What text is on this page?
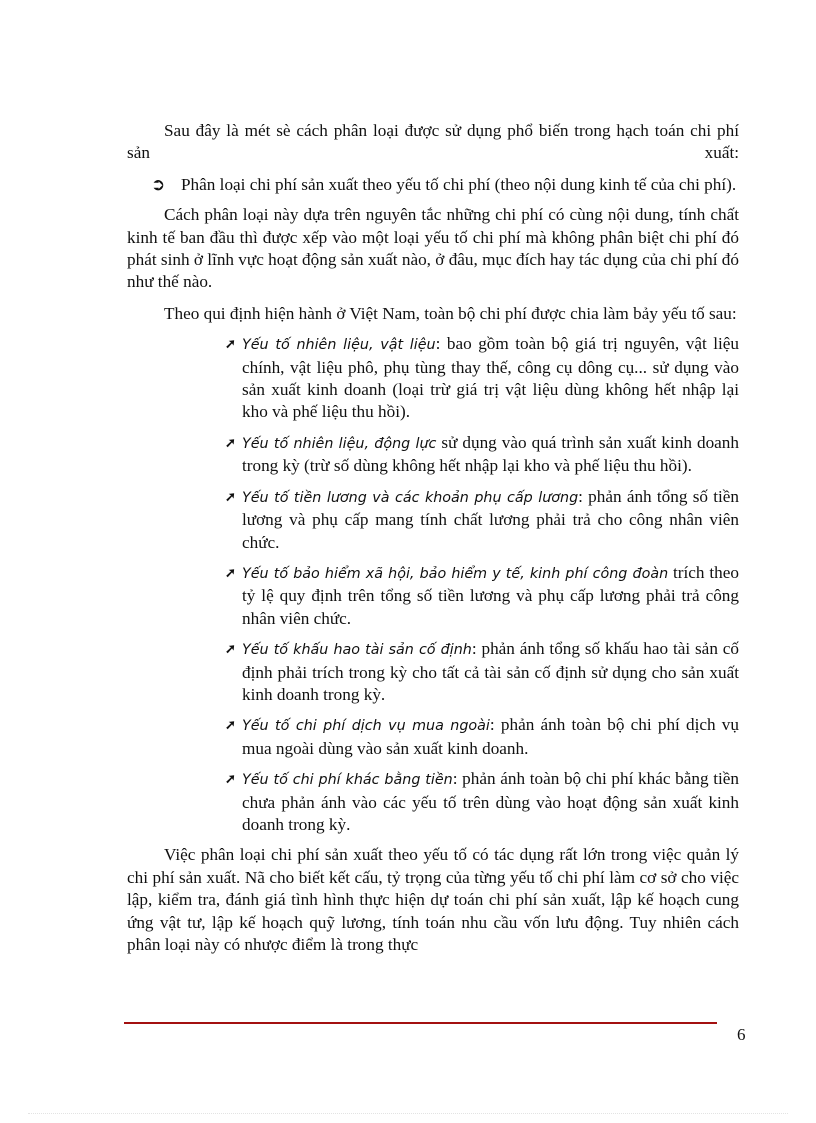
Sau đây là mét sè cách phân loại được sử dụng phổ biến trong hạch toán chi phí sản xuất:

➲ Phân loại chi phí sản xuất theo yếu tố chi phí (theo nội dung kinh tế của chi phí).

Cách phân loại này dựa trên nguyên tắc những chi phí có cùng nội dung, tính chất kinh tế ban đầu thì được xếp vào một loại yếu tố chi phí mà không phân biệt chi phí đó phát sinh ở lĩnh vực hoạt động sản xuất nào, ở đâu, mục đích hay tác dụng của chi phí đó như thế nào.

Theo qui định hiện hành ở Việt Nam, toàn bộ chi phí được chia làm bảy yếu tố sau:

➚ Yếu tố nhiên liệu, vật liệu: bao gồm toàn bộ giá trị nguyên, vật liệu chính, vật liệu phô, phụ tùng thay thế, công cụ dông cụ... sử dụng vào sản xuất kinh doanh (loại trừ giá trị vật liệu dùng không hết nhập lại kho và phế liệu thu hồi).
➚ Yếu tố nhiên liệu, động lực sử dụng vào quá trình sản xuất kinh doanh trong kỳ (trừ số dùng không hết nhập lại kho và phế liệu thu hồi).
➚ Yếu tố tiền lương và các khoản phụ cấp lương: phản ánh tổng số tiền lương và phụ cấp mang tính chất lương phải trả cho công nhân viên chức.
➚ Yếu tố bảo hiểm xã hội, bảo hiểm y tế, kinh phí công đoàn trích theo tỷ lệ quy định trên tổng số tiền lương và phụ cấp lương phải trả công nhân viên chức.
➚ Yếu tố khấu hao tài sản cố định: phản ánh tổng số khấu hao tài sản cố định phải trích trong kỳ cho tất cả tài sản cố định sử dụng cho sản xuất kinh doanh trong kỳ.
➚ Yếu tố chi phí dịch vụ mua ngoài: phản ánh toàn bộ chi phí dịch vụ mua ngoài dùng vào sản xuất kinh doanh.
➚ Yếu tố chi phí khác bằng tiền: phản ánh toàn bộ chi phí khác bằng tiền chưa phản ánh vào các yếu tố trên dùng vào hoạt động sản xuất kinh doanh trong kỳ.

Việc phân loại chi phí sản xuất theo yếu tố có tác dụng rất lớn trong việc quản lý chi phí sản xuất. Nã cho biết kết cấu, tỷ trọng của từng yếu tố chi phí làm cơ sở cho việc lập, kiểm tra, đánh giá tình hình thực hiện dự toán chi phí sản xuất, lập kế hoạch cung ứng vật tư, lập kế hoạch quỹ lương, tính toán nhu cầu vốn lưu động. Tuy nhiên cách phân loại này có nhược điểm là trong thực

6
